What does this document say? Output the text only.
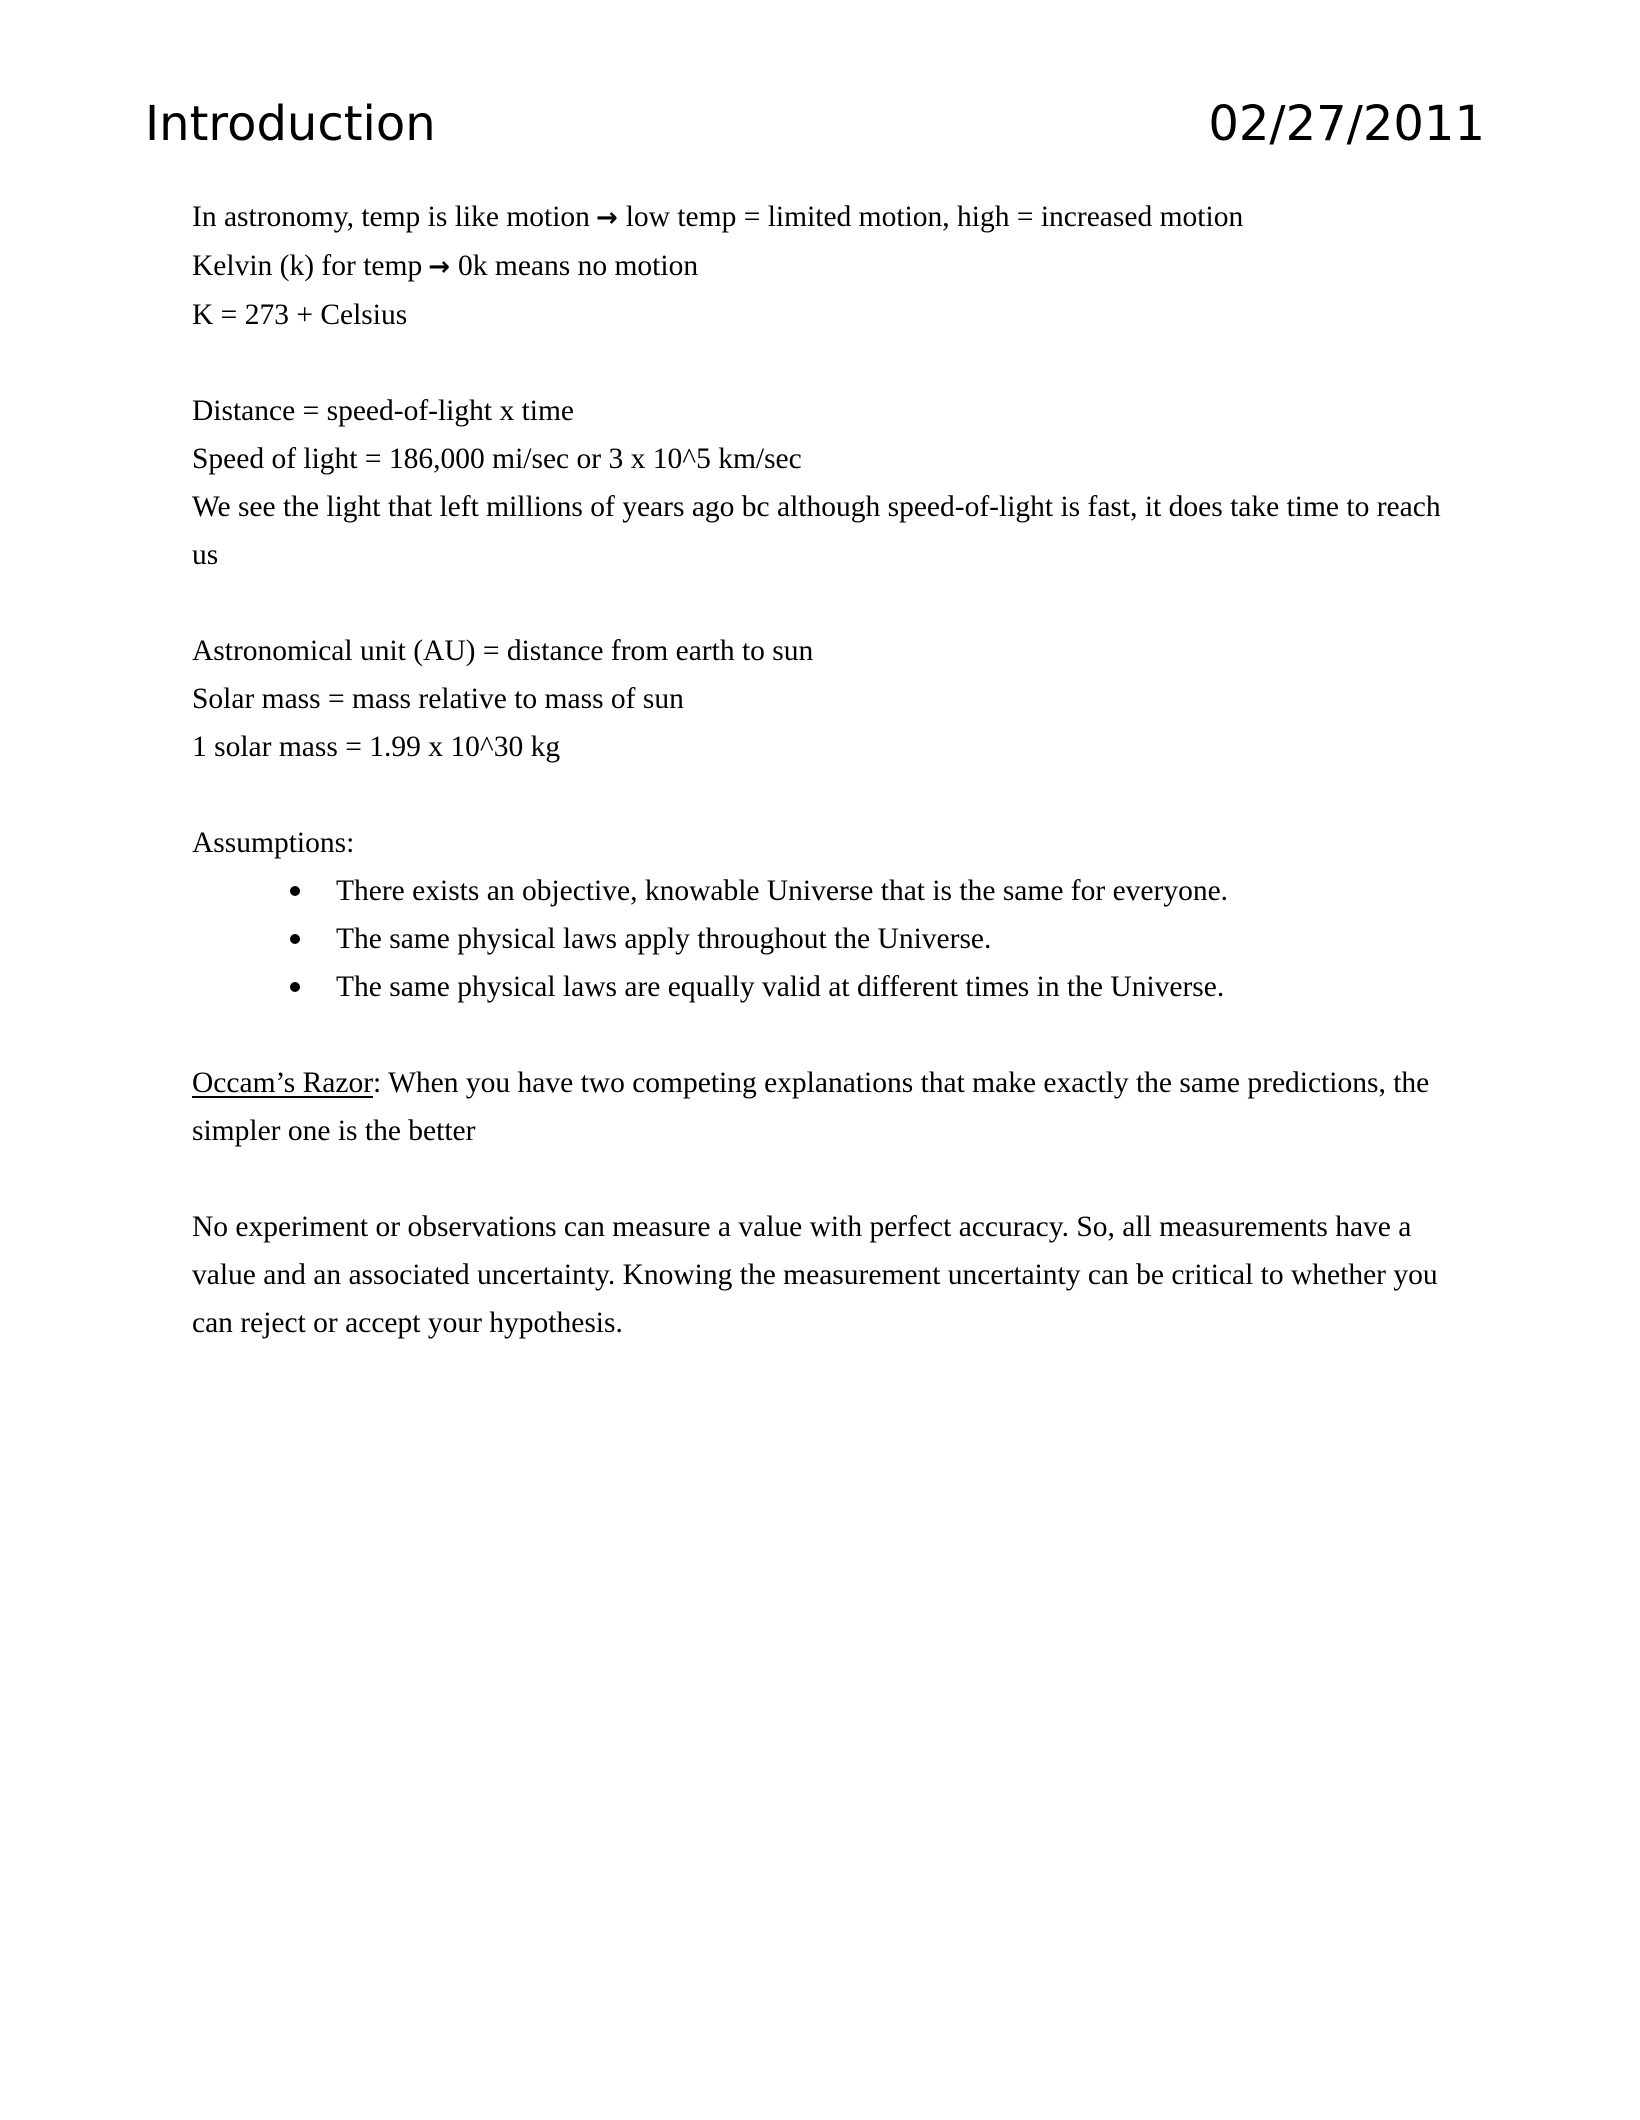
Introduction	02/27/2011
In astronomy, temp is like motion → low temp = limited motion, high = increased motion
Kelvin (k) for temp → 0k means no motion
K = 273 + Celsius
Distance = speed-of-light x time
Speed of light = 186,000 mi/sec or 3 x 10^5 km/sec
We see the light that left millions of years ago bc although speed-of-light is fast, it does take time to reach us
Astronomical unit (AU) = distance from earth to sun
Solar mass = mass relative to mass of sun
1 solar mass = 1.99 x 10^30 kg
Assumptions:
There exists an objective, knowable Universe that is the same for everyone.
The same physical laws apply throughout the Universe.
The same physical laws are equally valid at different times in the Universe.
Occam’s Razor: When you have two competing explanations that make exactly the same predictions, the simpler one is the better
No experiment or observations can measure a value with perfect accuracy. So, all measurements have a value and an associated uncertainty. Knowing the measurement uncertainty can be critical to whether you can reject or accept your hypothesis.
